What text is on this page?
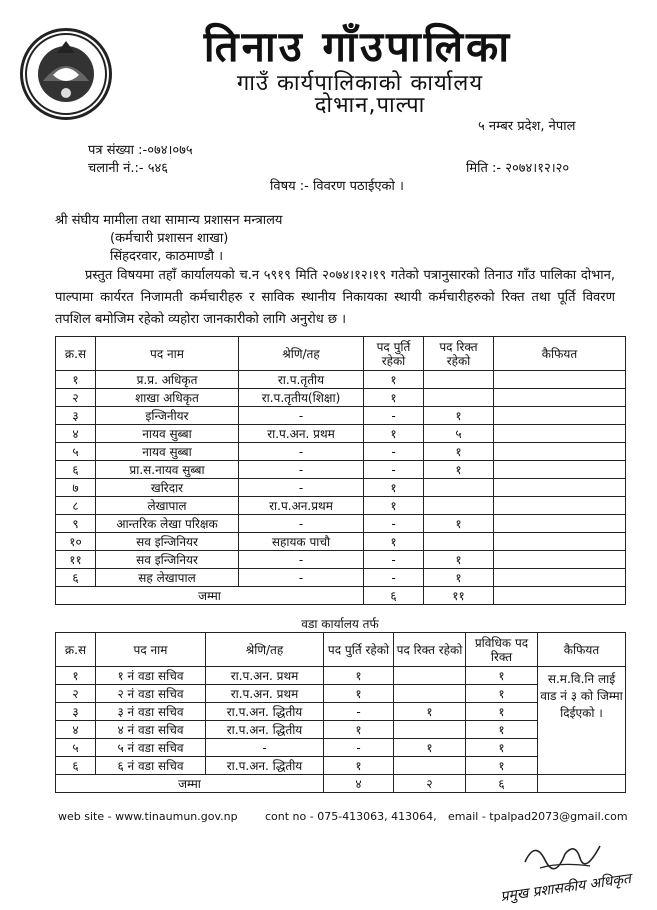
तिनाउ गाँउपालिका
गाउँ कार्यपालिकाको कार्यालय
दोभान,पाल्पा
५ नम्बर प्रदेश, नेपाल
पत्र संख्या :-०७४।०७५
चलानी नं.:- ५४६	मिति :- २०७४।१२।२०
विषय :- विवरण पठाईएको ।
श्री संघीय मामीला तथा सामान्य प्रशासन मन्त्रालय
(कर्मचारी प्रशासन शाखा)
सिंहदरवार, काठमाण्डौ ।
प्रस्तुत विषयमा तहाँ कार्यालयको च.न ५९१९ मिति २०७४।१२।१९ गतेको पत्रानुसारको तिनाउ गाँउ पालिका दोभान, पाल्पामा कार्यरत निजामती कर्मचारीहरु र साविक स्थानीय निकायका स्थायी कर्मचारीहरुको रिक्त तथा पूर्ति विवरण तपशिल बमोजिम रहेको व्यहोरा जानकारीको लागि अनुरोध छ ।
क्र.स	पद नाम	श्रेणि/तह	पद पुर्ति रहेको	पद रिक्त रहेको	कैफियत
१	प्र.प्र. अधिकृत	रा.प.तृतीय	१		
२	शाखा अधिकृत	रा.प.तृतीय(शिक्षा)	१		
३	इन्जिनीयर	-	-	१	
४	नायव सुब्बा	रा.प.अन. प्रथम	१	५	
५	नायव सुब्बा	-	-	१	
६	प्रा.स.नायव सुब्बा	-	-	१	
७	खरिदार	-	१		
८	लेखापाल	रा.प.अन.प्रथम	१		
९	आन्तरिक लेखा परिक्षक	-	-	१	
१०	सव इन्जिनियर	सहायक पाचौ	१		
११	सव इन्जिनियर	-	-	१	
६	सह लेखापाल	-	-	१	
जम्मा			६	११	
वडा कार्यालय तर्फ
क्र.स	पद नाम	श्रेणि/तह	पद पुर्ति रहेको	पद रिक्त रहेको	प्रविधिक पद रिक्त	कैफियत
१	१ नं वडा सचिव	रा.प.अन. प्रथम	१		१	स.म.वि.नि लाई वाड नं ३ को जिम्मा दिईएको ।
२	२ नं वडा सचिव	रा.प.अन. प्रथम	१		१	
३	३ नं वडा सचिव	रा.प.अन. द्धितीय	-	१	१	
४	४ नं वडा सचिव	रा.प.अन. द्धितीय	१		१	
५	५ नं वडा सचिव	-	-	१	१	
६	६ नं वडा सचिव	रा.प.अन. द्धितीय	१		१	
जम्मा			४	२	६	
web site - www.tinaumun.gov.np cont no - 075-413063, 413064, email - tpalpad2073@gmail.com
प्रमुख प्रशासकीय अधिकृत
